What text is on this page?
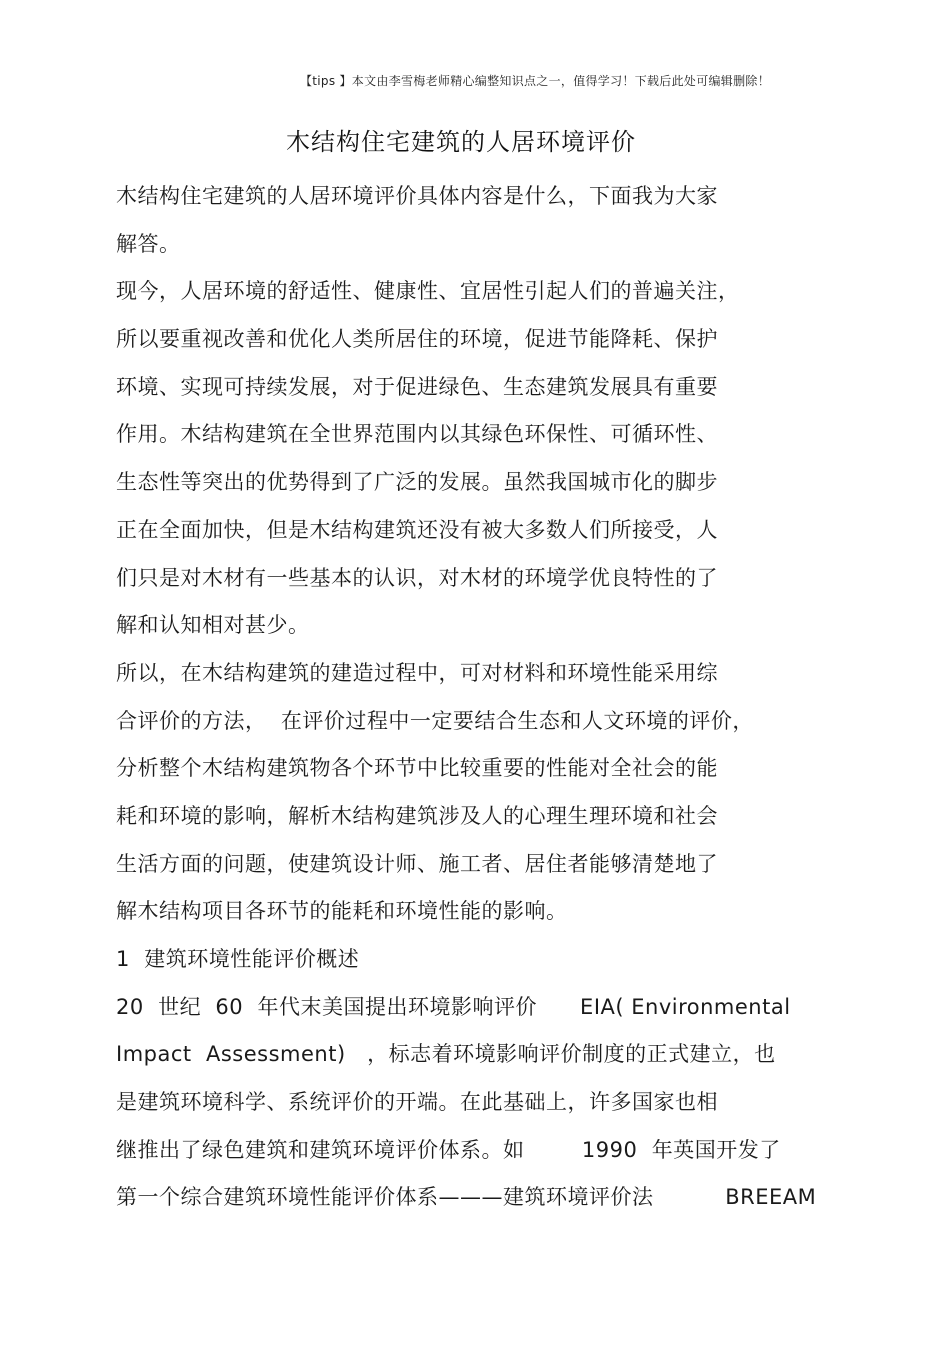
【tips 】本文由李雪梅老师精心编整知识点之一，值得学习！下载后此处可编辑删除！
木结构住宅建筑的人居环境评价
木结构住宅建筑的人居环境评价具体内容是什么，下面我为大家
解答。
现今，人居环境的舒适性、健康性、宜居性引起人们的普遍关注，
所以要重视改善和优化人类所居住的环境，促进节能降耗、保护
环境、实现可持续发展，对于促进绿色、生态建筑发展具有重要
作用。木结构建筑在全世界范围内以其绿色环保性、可循环性、
生态性等突出的优势得到了广泛的发展。虽然我国城市化的脚步
正在全面加快，但是木结构建筑还没有被大多数人们所接受，人
们只是对木材有一些基本的认识，对木材的环境学优良特性的了
解和认知相对甚少。
所以，在木结构建筑的建造过程中，可对材料和环境性能采用综
合评价的方法，  在评价过程中一定要结合生态和人文环境的评价，
分析整个木结构建筑物各个环节中比较重要的性能对全社会的能
耗和环境的影响，解析木结构建筑涉及人的心理生理环境和社会
生活方面的问题，使建筑设计师、施工者、居住者能够清楚地了
解木结构项目各环节的能耗和环境性能的影响。
1  建筑环境性能评价概述
20  世纪  60  年代末美国提出环境影响评价      EIA( Environmental
Impact  Assessment)   ，标志着环境影响评价制度的正式建立，也
是建筑环境科学、系统评价的开端。在此基础上，许多国家也相
继推出了绿色建筑和建筑环境评价体系。如        1990  年英国开发了
第一个综合建筑环境性能评价体系———建筑环境评价法          BREEAM
